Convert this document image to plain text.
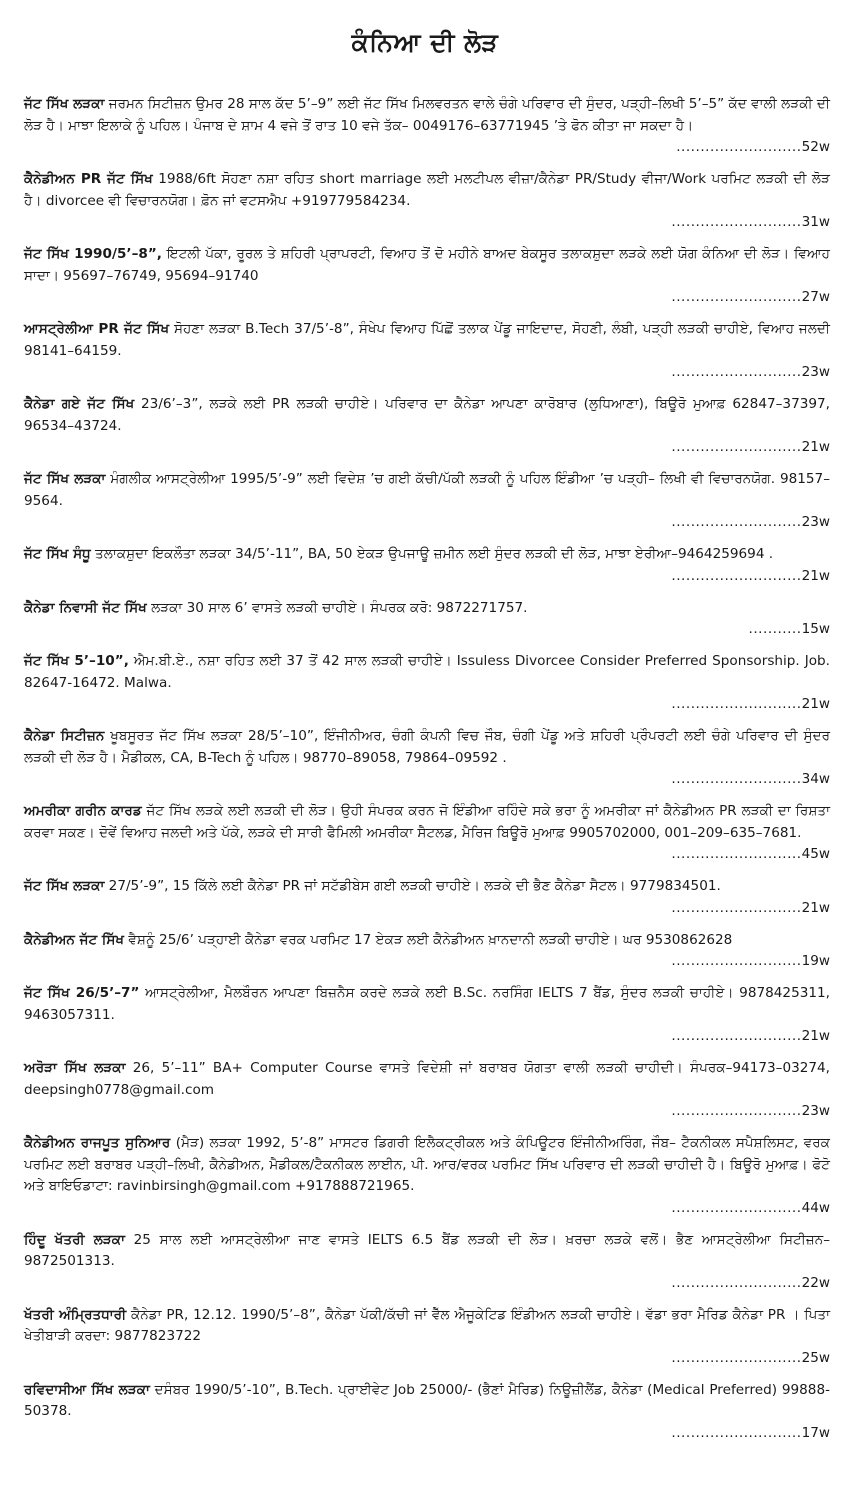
ਕੰਨਿਆ ਦੀ ਲੋੜ

ਜੱਟ ਸਿੱਖ ਲੜਕਾ ਜਰਮਨ ਸਿਟੀਜ਼ਨ ਉਮਰ 28 ਸਾਲ ਕੱਦ 5’–9” ਲਈ ਜੱਟ ਸਿੱਖ ਮਿਲਵਰਤਨ ਵਾਲੇ ਚੰਗੇ ਪਰਿਵਾਰ ਦੀ ਸੁੰਦਰ, ਪੜ੍ਹੀ–ਲਿਖੀ 5’–5” ਕੱਦ ਵਾਲੀ ਲੜਕੀ ਦੀ ਲੋੜ ਹੈ। ਮਾਝਾ ਇਲਾਕੇ ਨੂੰ ਪਹਿਲ। ਪੰਜਾਬ ਦੇ ਸ਼ਾਮ 4 ਵਜੇ ਤੋਂ ਰਾਤ 10 ਵਜੇ ਤੱਕ– 0049176–63771945 ’ਤੇ ਫੋਨ ਕੀਤਾ ਜਾ ਸਕਦਾ ਹੈ।
..........................52w

ਕੈਨੇਡੀਅਨ PR ਜੱਟ ਸਿੱਖ 1988/6ft ਸੋਹਣਾ ਨਸ਼ਾ ਰਹਿਤ short marriage ਲਈ ਮਲਟੀਪਲ ਵੀਜ਼ਾ/ਕੈਨੇਡਾ PR/Study ਵੀਜਾ/Work ਪਰਮਿਟ ਲੜਕੀ ਦੀ ਲੋੜ ਹੈ। divorcee ਵੀ ਵਿਚਾਰਨਯੋਗ। ਫ਼ੋਨ ਜਾਂ ਵਟਸਐਪ +919779584234.
...........................31w

ਜੱਟ ਸਿੱਖ 1990/5’–8”, ਇਟਲੀ ਪੱਕਾ, ਰੂਰਲ ਤੇ ਸ਼ਹਿਰੀ ਪ੍ਰਾਪਰਟੀ, ਵਿਆਹ ਤੋਂ ਦੋ ਮਹੀਨੇ ਬਾਅਦ ਬੇਕਸੂਰ ਤਲਾਕਸ਼ੁਦਾ ਲੜਕੇ ਲਈ ਯੋਗ ਕੰਨਿਆ ਦੀ ਲੋੜ। ਵਿਆਹ ਸਾਦਾ। 95697–76749, 95694–91740
...........................27w

ਆਸਟ੍ਰੇਲੀਆ PR ਜੱਟ ਸਿੱਖ ਸੋਹਣਾ ਲੜਕਾ B.Tech 37/5’-8”, ਸੰਖੇਪ ਵਿਆਹ ਪਿੱਛੋਂ ਤਲਾਕ ਪੇਂਡੂ ਜਾਇਦਾਦ, ਸੋਹਣੀ, ਲੰਬੀ, ਪੜ੍ਹੀ ਲੜਕੀ ਚਾਹੀਏ, ਵਿਆਹ ਜਲਦੀ 98141–64159.
...........................23w

ਕੈਨੇਡਾ ਗਏ ਜੱਟ ਸਿੱਖ 23/6’–3”, ਲੜਕੇ ਲਈ PR ਲੜਕੀ ਚਾਹੀਏ। ਪਰਿਵਾਰ ਦਾ ਕੈਨੇਡਾ ਆਪਣਾ ਕਾਰੋਬਾਰ (ਲੁਧਿਆਣਾ), ਬਿਊਰੋ ਮੁਆਫ਼ 62847–37397, 96534–43724.
...........................21w

ਜੱਟ ਸਿੱਖ ਲੜਕਾ ਮੰਗਲੀਕ ਆਸਟ੍ਰੇਲੀਆ 1995/5’-9” ਲਈ ਵਿਦੇਸ਼ ’ਚ ਗਈ ਕੱਚੀ/ਪੱਕੀ ਲੜਕੀ ਨੂੰ ਪਹਿਲ ਇੰਡੀਆ ’ਚ ਪੜ੍ਹੀ– ਲਿਖੀ ਵੀ ਵਿਚਾਰਨਯੋਗ. 98157–9564.
...........................23w

ਜੱਟ ਸਿੱਖ ਸੰਧੂ ਤਲਾਕਸ਼ੁਦਾ ਇਕਲੌਤਾ ਲੜਕਾ 34/5’-11”, BA, 50 ਏਕੜ ਉਪਜਾਊ ਜ਼ਮੀਨ ਲਈ ਸੁੰਦਰ ਲੜਕੀ ਦੀ ਲੋੜ, ਮਾਝਾ ਏਰੀਆ–9464259694 .
...........................21w

ਕੈਨੇਡਾ ਨਿਵਾਸੀ ਜੱਟ ਸਿੱਖ ਲੜਕਾ 30 ਸਾਲ 6’ ਵਾਸਤੇ ਲੜਕੀ ਚਾਹੀਏ। ਸੰਪਰਕ ਕਰੋ: 9872271757.
...........15w

ਜੱਟ ਸਿੱਖ 5’–10”, ਐਮ.ਬੀ.ਏ., ਨਸ਼ਾ ਰਹਿਤ ਲਈ 37 ਤੋਂ 42 ਸਾਲ ਲੜਕੀ ਚਾਹੀਏ। Issuless Divorcee Consider Preferred Sponsorship. Job. 82647-16472. Malwa.
...........................21w

ਕੈਨੇਡਾ ਸਿਟੀਜ਼ਨ ਖੂਬਸੂਰਤ ਜੱਟ ਸਿੱਖ ਲੜਕਾ 28/5’–10”, ਇੰਜੀਨੀਅਰ, ਚੰਗੀ ਕੰਪਨੀ ਵਿਚ ਜੌਬ, ਚੰਗੀ ਪੇਂਡੂ ਅਤੇ ਸ਼ਹਿਰੀ ਪ੍ਰੌਪਰਟੀ ਲਈ ਚੰਗੇ ਪਰਿਵਾਰ ਦੀ ਸੁੰਦਰ ਲੜਕੀ ਦੀ ਲੋੜ ਹੈ। ਮੈਡੀਕਲ, CA, B-Tech ਨੂੰ ਪਹਿਲ। 98770–89058, 79864–09592 .
...........................34w

ਅਮਰੀਕਾ ਗਰੀਨ ਕਾਰਡ ਜੱਟ ਸਿੱਖ ਲੜਕੇ ਲਈ ਲੜਕੀ ਦੀ ਲੋੜ। ਉਹੀ ਸੰਪਰਕ ਕਰਨ ਜੋ ਇੰਡੀਆ ਰਹਿੰਦੇ ਸਕੇ ਭਰਾ ਨੂੰ ਅਮਰੀਕਾ ਜਾਂ ਕੈਨੇਡੀਅਨ PR ਲੜਕੀ ਦਾ ਰਿਸ਼ਤਾ ਕਰਵਾ ਸਕਣ। ਦੋਵੇਂ ਵਿਆਹ ਜਲਦੀ ਅਤੇ ਪੱਕੇ, ਲੜਕੇ ਦੀ ਸਾਰੀ ਫੈਮਿਲੀ ਅਮਰੀਕਾ ਸੈਟਲਡ, ਮੈਰਿਜ ਬਿਊਰੋ ਮੁਆਫ਼ 9905702000, 001–209–635–7681.
...........................45w

ਜੱਟ ਸਿੱਖ ਲੜਕਾ 27/5’-9”, 15 ਕਿੱਲੇ ਲਈ ਕੈਨੇਡਾ PR ਜਾਂ ਸਟੱਡੀਬੇਸ ਗਈ ਲੜਕੀ ਚਾਹੀਏ। ਲੜਕੇ ਦੀ ਭੈਣ ਕੈਨੇਡਾ ਸੈਟਲ। 9779834501.
...........................21w

ਕੈਨੇਡੀਅਨ ਜੱਟ ਸਿੱਖ ਵੈਸ਼ਨੂੰ 25/6’ ਪੜ੍ਹਾਈ ਕੈਨੇਡਾ ਵਰਕ ਪਰਮਿਟ 17 ਏਕੜ ਲਈ ਕੈਨੇਡੀਅਨ ਖ਼ਾਨਦਾਨੀ ਲੜਕੀ ਚਾਹੀਏ। ਘਰ 9530862628
...........................19w

ਜੱਟ ਸਿੱਖ 26/5’–7” ਆਸਟ੍ਰੇਲੀਆ, ਮੈਲਬੌਰਨ ਆਪਣਾ ਬਿਜ਼ਨੈਸ ਕਰਦੇ ਲੜਕੇ ਲਈ B.Sc. ਨਰਸਿੰਗ IELTS 7 ਬੈਂਡ, ਸੁੰਦਰ ਲੜਕੀ ਚਾਹੀਏ। 9878425311, 9463057311.
...........................21w

ਅਰੋੜਾ ਸਿੱਖ ਲੜਕਾ 26, 5’–11” BA+ Computer Course ਵਾਸਤੇ ਵਿਦੇਸ਼ੀ ਜਾਂ ਬਰਾਬਰ ਯੋਗਤਾ ਵਾਲੀ ਲੜਕੀ ਚਾਹੀਦੀ। ਸੰਪਰਕ–94173–03274, deepsingh0778@gmail.com
...........................23w

ਕੈਨੇਡੀਅਨ ਰਾਜਪੂਤ ਸੁਨਿਆਰ (ਮੈੜ) ਲੜਕਾ 1992, 5’-8” ਮਾਸਟਰ ਡਿਗਰੀ ਇਲੈਕਟ੍ਰੀਕਲ ਅਤੇ ਕੰਪਿਊਟਰ ਇੰਜੀਨੀਅਰਿੰਗ, ਜੌਬ– ਟੈਕਨੀਕਲ ਸਪੈਸ਼ਲਿਸਟ, ਵਰਕ ਪਰਮਿਟ ਲਈ ਬਰਾਬਰ ਪੜ੍ਹੀ–ਲਿਖੀ, ਕੈਨੇਡੀਅਨ, ਮੈਡੀਕਲ/ਟੈਕਨੀਕਲ ਲਾਈਨ, ਪੀ. ਆਰ/ਵਰਕ ਪਰਮਿਟ ਸਿੱਖ ਪਰਿਵਾਰ ਦੀ ਲੜਕੀ ਚਾਹੀਦੀ ਹੈ। ਬਿਊਰੋ ਮੁਆਫ਼। ਫੋਟੋ ਅਤੇ ਬਾਇਓਡਾਟਾ: ravinbirsingh@gmail.com +917888721965.
...........................44w

ਹਿੰਦੂ ਖੱਤਰੀ ਲੜਕਾ 25 ਸਾਲ ਲਈ ਆਸਟ੍ਰੇਲੀਆ ਜਾਣ ਵਾਸਤੇ IELTS 6.5 ਬੈਂਡ ਲੜਕੀ ਦੀ ਲੋੜ। ਖ਼ਰਚਾ ਲੜਕੇ ਵਲੋਂ। ਭੈਣ ਆਸਟ੍ਰੇਲੀਆ ਸਿਟੀਜ਼ਨ– 9872501313.
...........................22w

ਖੱਤਰੀ ਅੰਮ੍ਰਿਤਧਾਰੀ ਕੈਨੇਡਾ PR, 12.12. 1990/5’–8”, ਕੈਨੇਡਾ ਪੱਕੀ/ਕੱਚੀ ਜਾਂ ਵੈੱਲ ਐਜੂਕੇਟਿਡ ਇੰਡੀਅਨ ਲੜਕੀ ਚਾਹੀਏ। ਵੱਡਾ ਭਰਾ ਮੈਰਿਡ ਕੈਨੇਡਾ PR । ਪਿਤਾ ਖੇਤੀਬਾੜੀ ਕਰਦਾ: 9877823722
...........................25w

ਰਵਿਦਾਸੀਆ ਸਿੱਖ ਲੜਕਾ ਦਸੰਬਰ 1990/5’-10”, B.Tech. ਪ੍ਰਾਈਵੇਟ Job 25000/- (ਭੈਣਾਂ ਮੈਰਿਡ) ਨਿਊਜ਼ੀਲੈਂਡ, ਕੈਨੇਡਾ (Medical Preferred) 99888-50378.
...........................17w
